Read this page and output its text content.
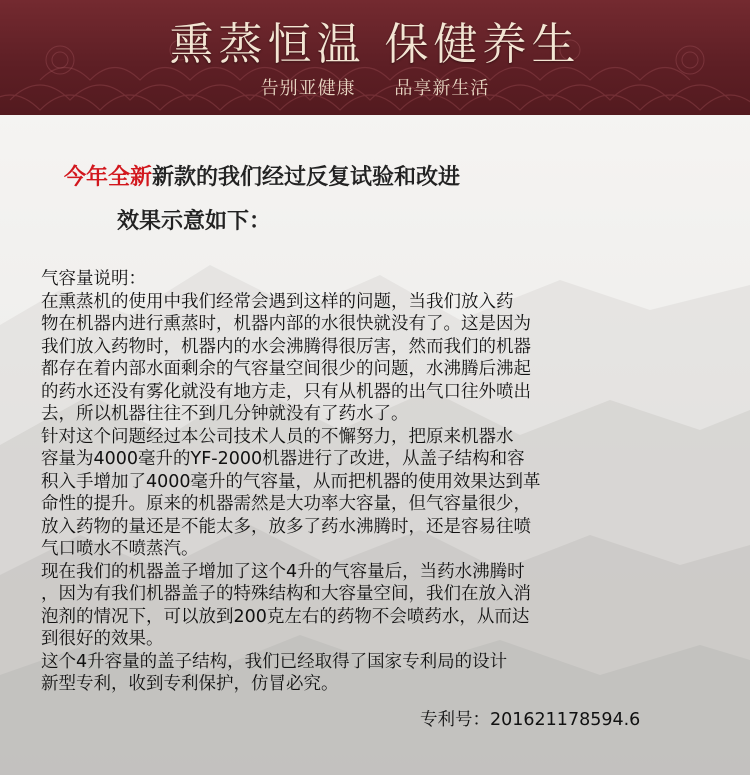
熏蒸恒温 保健养生
告别亚健康 品享新生活
今年全新新款的我们经过反复试验和改进
效果示意如下：
气容量说明：
在熏蒸机的使用中我们经常会遇到这样的问题，当我们放入药
物在机器内进行熏蒸时，机器内部的水很快就没有了。这是因为
我们放入药物时，机器内的水会沸腾得很厉害，然而我们的机器
都存在着内部水面剩余的气容量空间很少的问题，水沸腾后沸起
的药水还没有雾化就没有地方走，只有从机器的出气口往外喷出
去，所以机器往往不到几分钟就没有了药水了。
针对这个问题经过本公司技术人员的不懈努力，把原来机器水
容量为4000毫升的YF-2000机器进行了改进，从盖子结构和容
积入手增加了4000毫升的气容量，从而把机器的使用效果达到革
命性的提升。原来的机器需然是大功率大容量，但气容量很少，
放入药物的量还是不能太多，放多了药水沸腾时，还是容易往喷
气口喷水不喷蒸汽。
现在我们的机器盖子增加了这个4升的气容量后，当药水沸腾时
，因为有我们机器盖子的特殊结构和大容量空间，我们在放入消
泡剂的情况下，可以放到200克左右的药物不会喷药水，从而达
到很好的效果。
这个4升容量的盖子结构，我们已经取得了国家专利局的设计
新型专利，收到专利保护，仿冒必究。
专利号：201621178594.6
